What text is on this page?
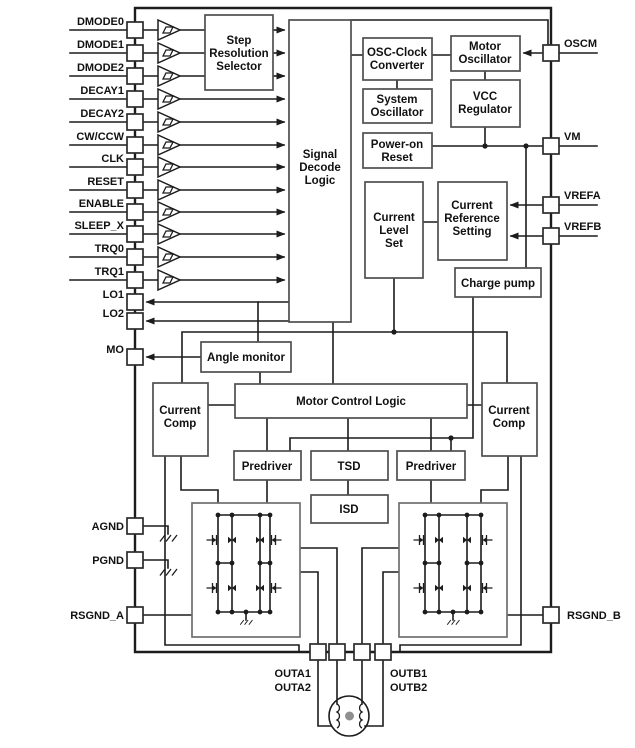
Step
Resolution
Selector
Signal
Decode
Logic
OSC-Clock
Converter
Motor
Oscillator
System
Oscillator
VCC
Regulator
Power-on
Reset
Current
Level
Set
Current
Reference
Setting
Charge pump
Angle monitor
Motor Control Logic
Current
Comp
Current
Comp
Predriver	TSD	Predriver
ISD
DMODE0
DMODE1
DMODE2
DECAY1
DECAY2
CW/CCW
CLK
RESET
ENABLE
SLEEP_X
TRQ0
TRQ1
LO1
LO2
MO
AGND
PGND
RSGND_A
OSCM
VM
VREFA
VREFB
RSGND_B
OUTA1
OUTA2
OUTB1
OUTB2
